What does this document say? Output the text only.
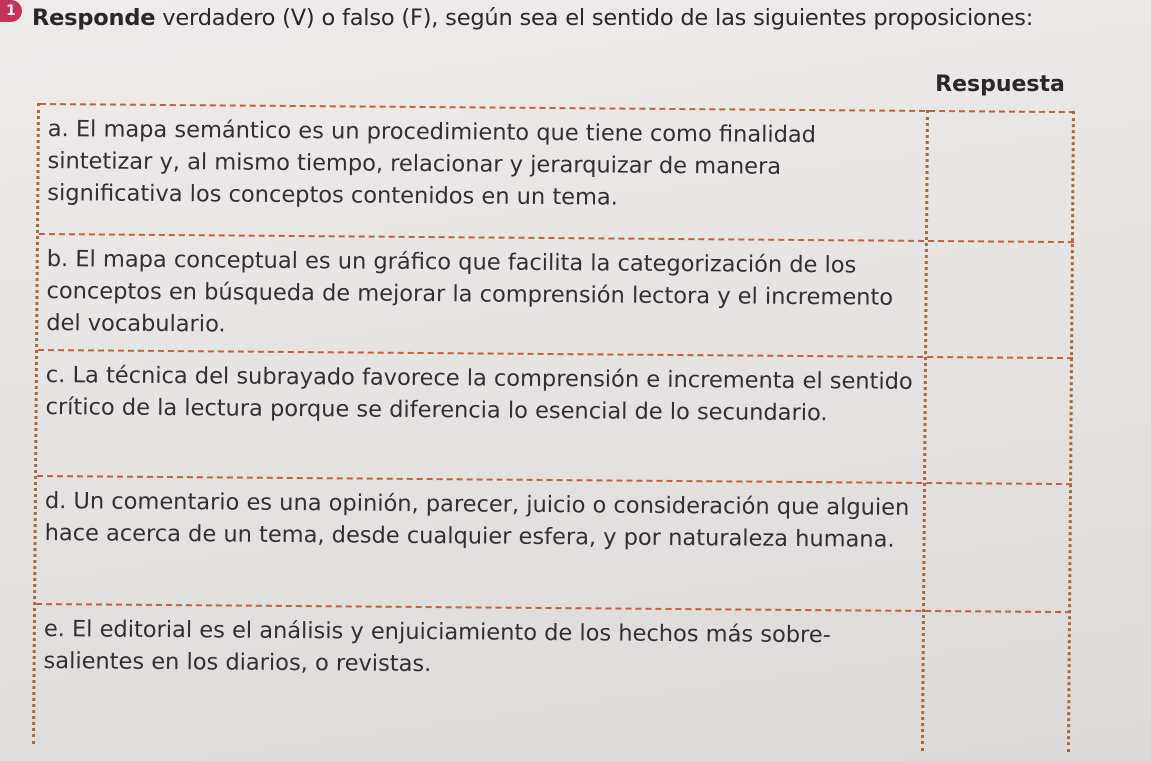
1 Responde verdadero (V) o falso (F), según sea el sentido de las siguientes proposiciones:
Respuesta
a. El mapa semántico es un procedimiento que tiene como finalidad sintetizar y, al mismo tiempo, relacionar y jerarquizar de manera significativa los conceptos contenidos en un tema.
b. El mapa conceptual es un gráfico que facilita la categorización de los conceptos en búsqueda de mejorar la comprensión lectora y el incremento del vocabulario.
c. La técnica del subrayado favorece la comprensión e incrementa el sentido crítico de la lectura porque se diferencia lo esencial de lo secundario.
d. Un comentario es una opinión, parecer, juicio o consideración que alguien hace acerca de un tema, desde cualquier esfera, y por naturaleza humana.
e. El editorial es el análisis y enjuiciamiento de los hechos más sobre-salientes en los diarios, o revistas.
